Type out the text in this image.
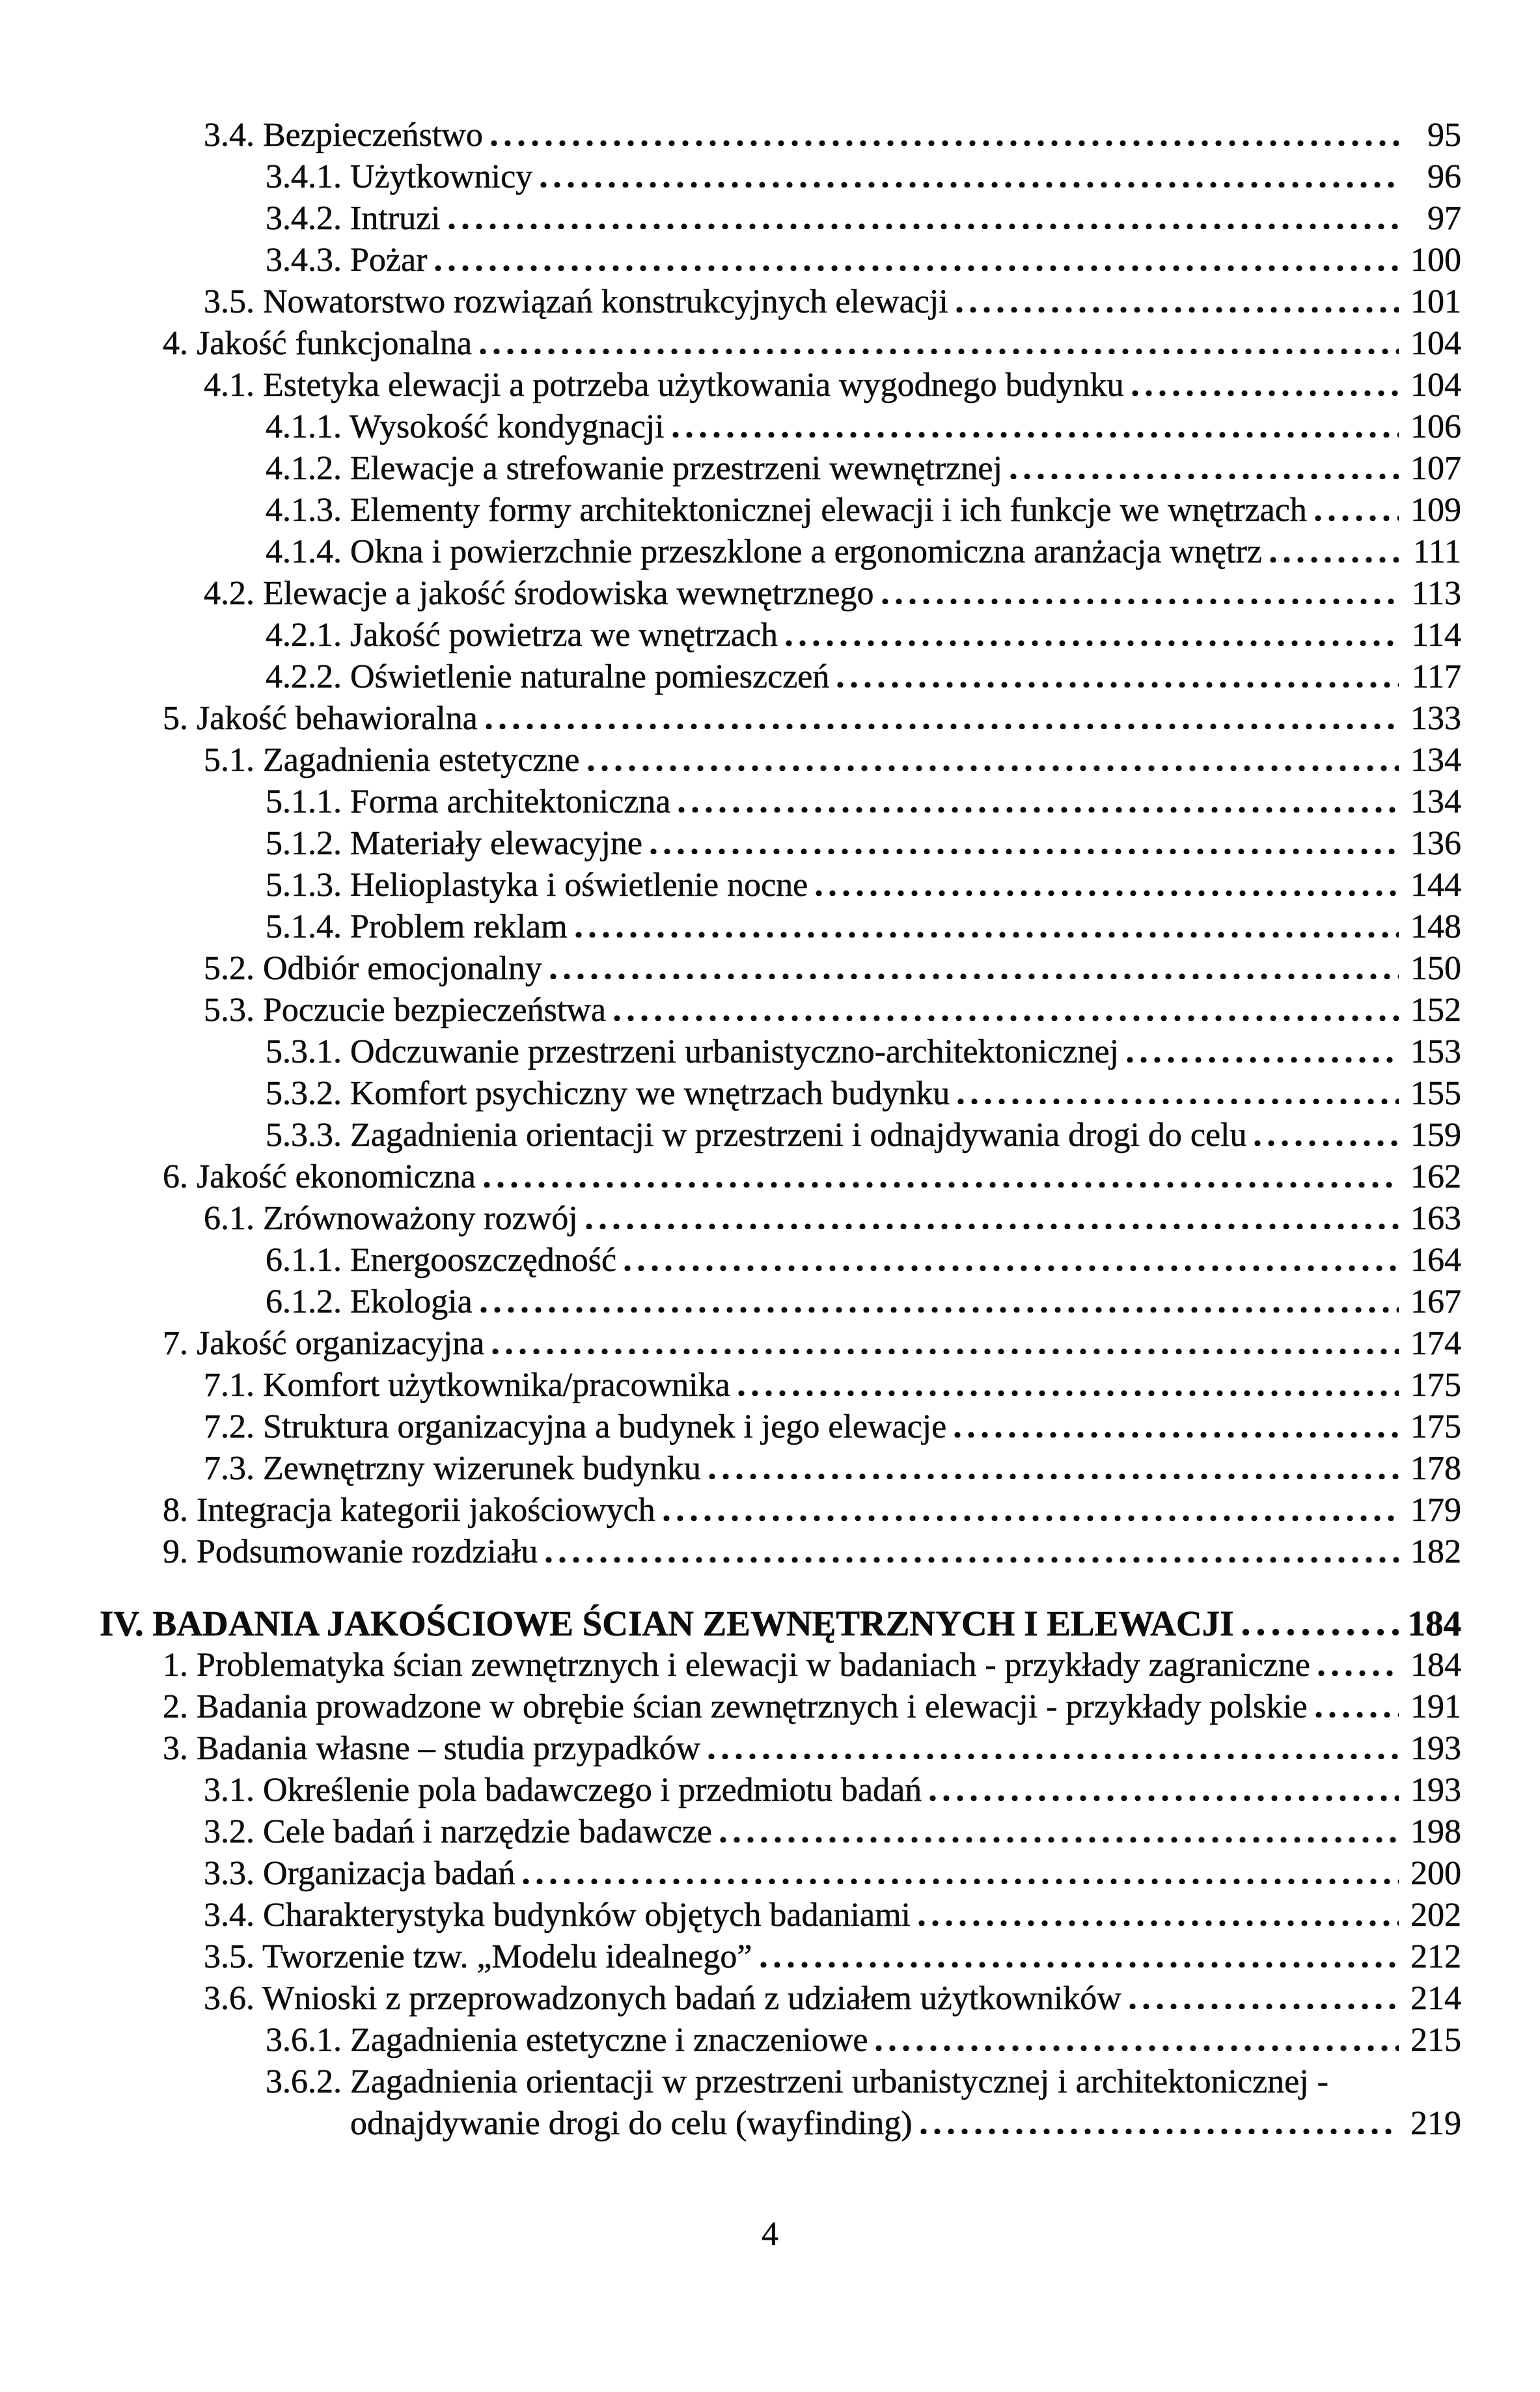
3.4. Bezpieczeństwo	95
3.4.1. Użytkownicy	96
3.4.2. Intruzi	97
3.4.3. Pożar	100
3.5. Nowatorstwo rozwiązań konstrukcyjnych elewacji	101
4. Jakość funkcjonalna	104
4.1. Estetyka elewacji a potrzeba użytkowania wygodnego budynku	104
4.1.1. Wysokość kondygnacji	106
4.1.2. Elewacje a strefowanie przestrzeni wewnętrznej	107
4.1.3. Elementy formy architektonicznej elewacji i ich funkcje we wnętrzach	109
4.1.4. Okna i powierzchnie przeszklone a ergonomiczna aranżacja wnętrz	111
4.2. Elewacje a jakość środowiska wewnętrznego	113
4.2.1. Jakość powietrza we wnętrzach	114
4.2.2. Oświetlenie naturalne pomieszczeń	117
5. Jakość behawioralna	133
5.1. Zagadnienia estetyczne	134
5.1.1. Forma architektoniczna	134
5.1.2. Materiały elewacyjne	136
5.1.3. Helioplastyka i oświetlenie nocne	144
5.1.4. Problem reklam	148
5.2. Odbiór emocjonalny	150
5.3. Poczucie bezpieczeństwa	152
5.3.1. Odczuwanie przestrzeni urbanistyczno-architektonicznej	153
5.3.2. Komfort psychiczny we wnętrzach budynku	155
5.3.3. Zagadnienia orientacji w przestrzeni i odnajdywania drogi do celu	159
6. Jakość ekonomiczna	162
6.1. Zrównoważony rozwój	163
6.1.1. Energooszczędność	164
6.1.2. Ekologia	167
7. Jakość organizacyjna	174
7.1. Komfort użytkownika/pracownika	175
7.2. Struktura organizacyjna a budynek i jego elewacje	175
7.3. Zewnętrzny wizerunek budynku	178
8. Integracja kategorii jakościowych	179
9. Podsumowanie rozdziału	182
IV. BADANIA JAKOŚCIOWE ŚCIAN ZEWNĘTRZNYCH I ELEWACJI	184
1. Problematyka ścian zewnętrznych i elewacji w badaniach - przykłady zagraniczne	184
2. Badania prowadzone w obrębie ścian zewnętrznych i elewacji - przykłady polskie	191
3. Badania własne – studia przypadków	193
3.1. Określenie pola badawczego i przedmiotu badań	193
3.2. Cele badań i narzędzie badawcze	198
3.3. Organizacja badań	200
3.4. Charakterystyka budynków objętych badaniami	202
3.5. Tworzenie tzw. „Modelu idealnego”	212
3.6. Wnioski z przeprowadzonych badań z udziałem użytkowników	214
3.6.1. Zagadnienia estetyczne i znaczeniowe	215
3.6.2. Zagadnienia orientacji w przestrzeni urbanistycznej i architektonicznej -
odnajdywanie drogi do celu (wayfinding)	219
4
